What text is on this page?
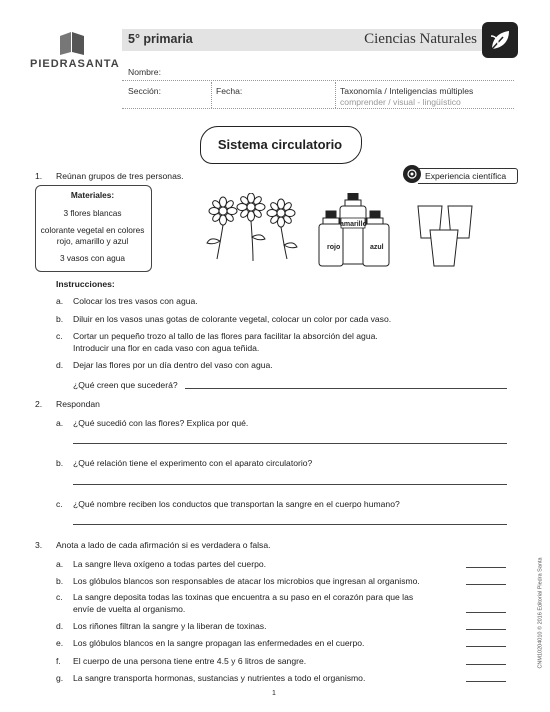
PIEDRASANTA
5° primaria	Ciencias Naturales
Nombre:
Sección:	Fecha:	Taxonomía / Inteligencias múltiples
comprender / visual - lingüístico
Sistema circulatorio
1. Reúnan grupos de tres personas.	Experiencia científica
Materiales:
3 flores blancas
colorante vegetal en colores
rojo, amarillo y azul
3 vasos con agua
amarillo
rojo	azul
Instrucciones:
a. Colocar los tres vasos con agua.
b. Diluir en los vasos unas gotas de colorante vegetal, colocar un color por cada vaso.
c. Cortar un pequeño trozo al tallo de las flores para facilitar la absorción del agua.
Introducir una flor en cada vaso con agua teñida.
d. Dejar las flores por un día dentro del vaso con agua.
¿Qué creen que sucederá?
2. Respondan
a. ¿Qué sucedió con las flores? Explica por qué.
b. ¿Qué relación tiene el experimento con el aparato circulatorio?
c. ¿Qué nombre reciben los conductos que transportan la sangre en el cuerpo humano?
3. Anota a lado de cada afirmación si es verdadera o falsa.
a. La sangre lleva oxígeno a todas partes del cuerpo.
b. Los glóbulos blancos son responsables de atacar los microbios que ingresan al organismo.
c. La sangre deposita todas las toxinas que encuentra a su paso en el corazón para que las
envíe de vuelta al organismo.
d. Los riñones filtran la sangre y la liberan de toxinas.
e. Los glóbulos blancos en la sangre propagan las enfermedades en el cuerpo.
f. El cuerpo de una persona tiene entre 4.5 y 6 litros de sangre.
g. La sangre transporta hormonas, sustancias y nutrientes a todo el organismo.
1
CNM10204010 © 2016 Editorial Piedra Santa
